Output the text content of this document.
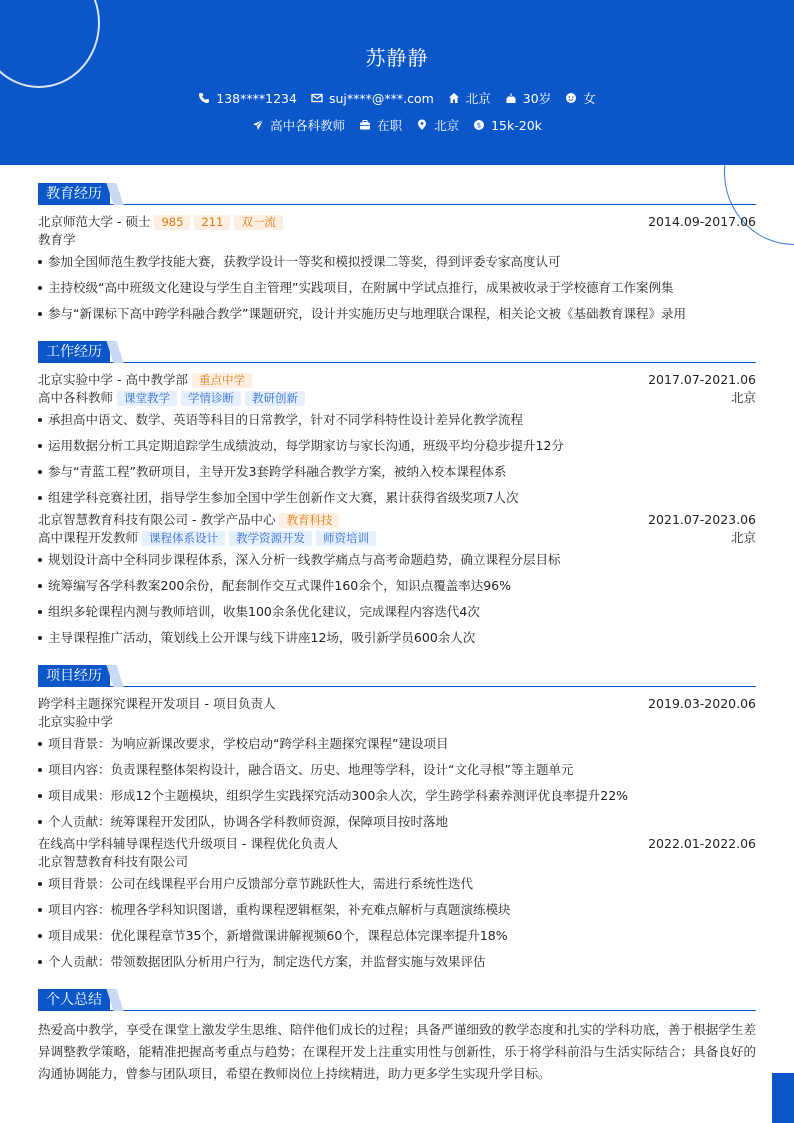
苏静静
138****1234	suj****@***.com	北京	30岁	女
高中各科教师	在职	北京	$ 15k-20k
教育经历
北京师范大学 - 硕士 985	211	双一流	2014.09-2017.06
教育学
参加全国师范生教学技能大赛，获教学设计一等奖和模拟授课二等奖，得到评委专家高度认可
主持校级“高中班级文化建设与学生自主管理”实践项目，在附属中学试点推行，成果被收录于学校德育工作案例集
参与“新课标下高中跨学科融合教学”课题研究，设计并实施历史与地理联合课程，相关论文被《基础教育课程》录用
工作经历
北京实验中学 - 高中教学部 重点中学	2017.07-2021.06
高中各科教师 课堂教学	学情诊断	教研创新	北京
承担高中语文、数学、英语等科目的日常教学，针对不同学科特性设计差异化教学流程
运用数据分析工具定期追踪学生成绩波动，每学期家访与家长沟通，班级平均分稳步提升12分
参与“青蓝工程”教研项目，主导开发3套跨学科融合教学方案，被纳入校本课程体系
组建学科竞赛社团，指导学生参加全国中学生创新作文大赛，累计获得省级奖项7人次
北京智慧教育科技有限公司 - 教学产品中心 教育科技	2021.07-2023.06
高中课程开发教师 课程体系设计	教学资源开发	师资培训	北京
规划设计高中全科同步课程体系，深入分析一线教学痛点与高考命题趋势，确立课程分层目标
统筹编写各学科教案200余份，配套制作交互式课件160余个，知识点覆盖率达96%
组织多轮课程内测与教师培训，收集100余条优化建议，完成课程内容迭代4次
主导课程推广活动，策划线上公开课与线下讲座12场，吸引新学员600余人次
项目经历
跨学科主题探究课程开发项目 - 项目负责人	2019.03-2020.06
北京实验中学
项目背景：为响应新课改要求，学校启动“跨学科主题探究课程”建设项目
项目内容：负责课程整体架构设计，融合语文、历史、地理等学科，设计“文化寻根”等主题单元
项目成果：形成12个主题模块，组织学生实践探究活动300余人次，学生跨学科素养测评优良率提升22%
个人贡献：统筹课程开发团队，协调各学科教师资源，保障项目按时落地
在线高中学科辅导课程迭代升级项目 - 课程优化负责人	2022.01-2022.06
北京智慧教育科技有限公司
项目背景：公司在线课程平台用户反馈部分章节跳跃性大，需进行系统性迭代
项目内容：梳理各学科知识图谱，重构课程逻辑框架，补充难点解析与真题演练模块
项目成果：优化课程章节35个，新增微课讲解视频60个，课程总体完课率提升18%
个人贡献：带领数据团队分析用户行为，制定迭代方案，并监督实施与效果评估
个人总结

热爱高中教学，享受在课堂上激发学生思维、陪伴他们成长的过程；具备严谨细致的教学态度和扎实的学科功底，善于根据学生差异调整教学策略，能精准把握高考重点与趋势；在课程开发上注重实用性与创新性，乐于将学科前沿与生活实际结合；具备良好的沟通协调能力，曾参与团队项目，希望在教师岗位上持续精进，助力更多学生实现升学目标。
